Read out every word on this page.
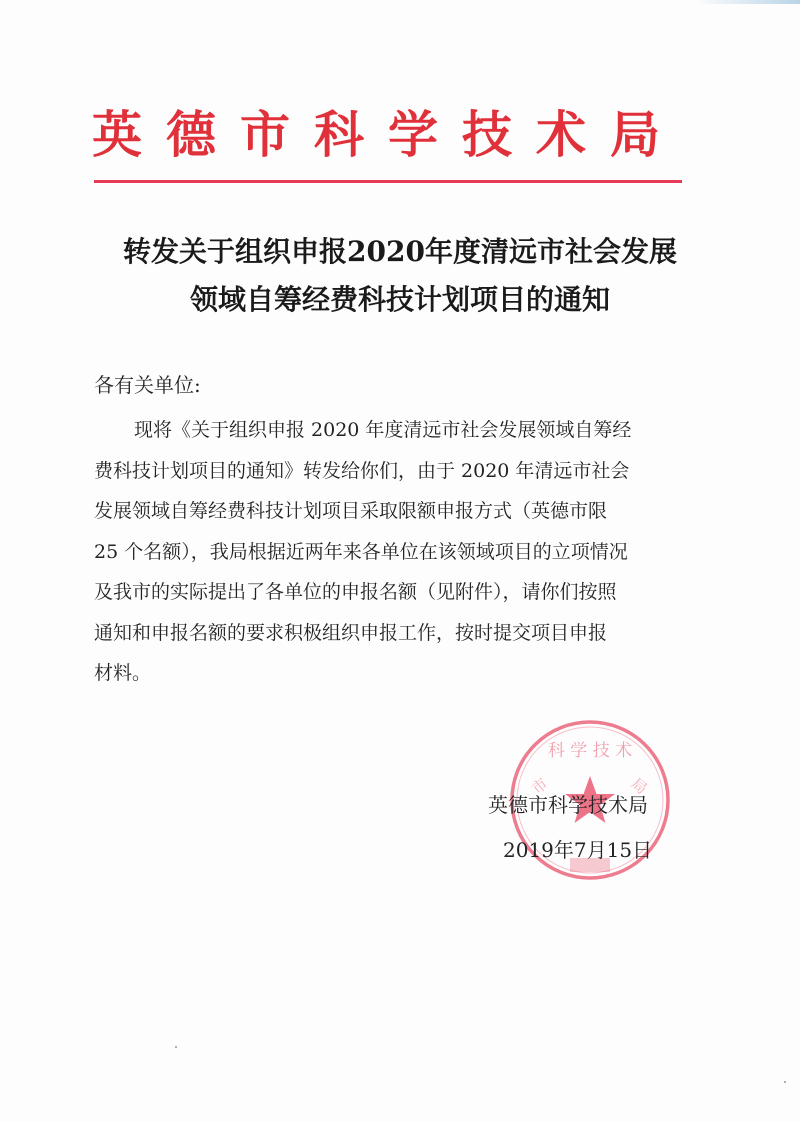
英德市科学技术局
转发关于组织申报2020年度清远市社会发展
领域自筹经费科技计划项目的通知
各有关单位:
现将《关于组织申报 2020 年度清远市社会发展领域自筹经
费科技计划项目的通知》转发给你们，由于 2020 年清远市社会
发展领域自筹经费科技计划项目采取限额申报方式（英德市限
25 个名额），我局根据近两年来各单位在该领域项目的立项情况
及我市的实际提出了各单位的申报名额（见附件），请你们按照
通知和申报名额的要求积极组织申报工作，按时提交项目申报
材料。
科 学 技 术
市	局
英德市科学技术局
2019年7月15日
